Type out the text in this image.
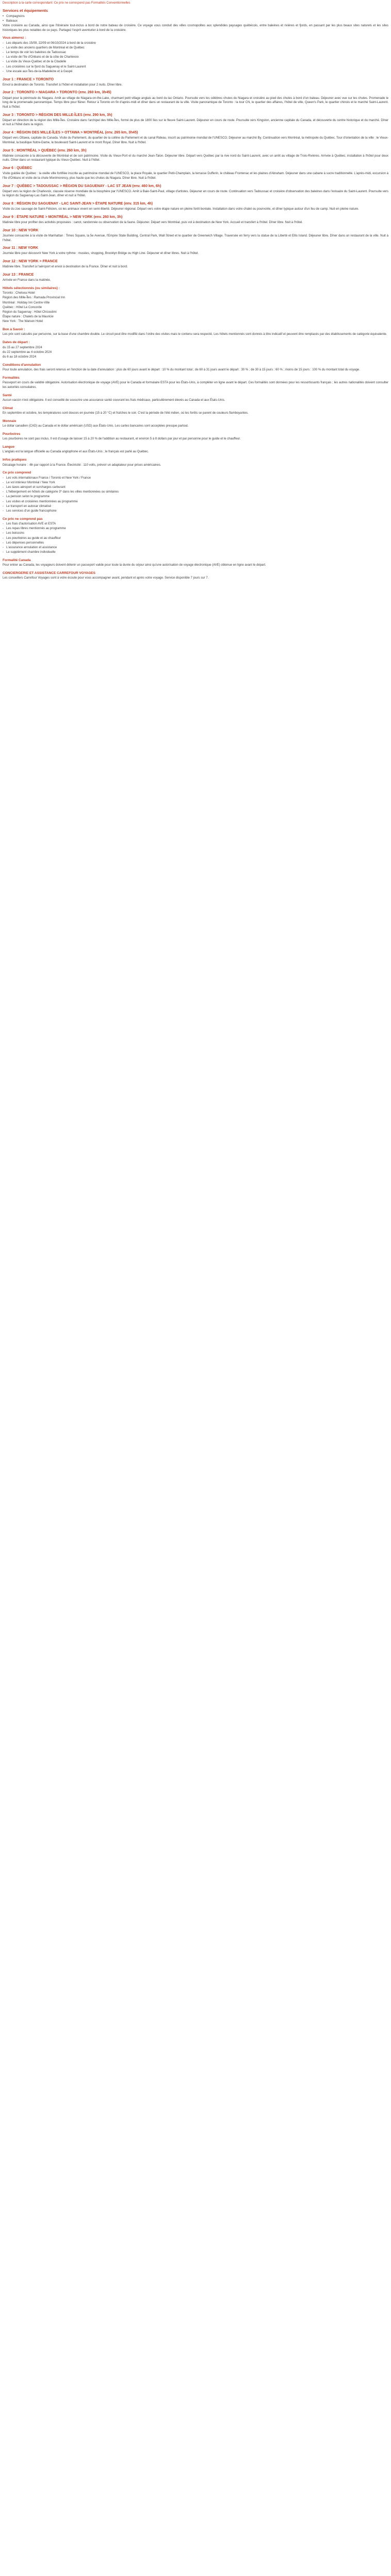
Description à la carte correspondant: Ce prix ne correspond pas Formalités Conventionnelles

Services et équipements
• Compagnons
• Bateaux

Votre croisière au Canada, ainsi que l'itinéraire tout-inclus à bord de notre bateau de croisière. Ce voyage vous conduit des villes cosmopolites aux splendides paysages québécois, entre baleines et rivières et fjords, en passant par les plus beaux sites naturels et les sites historiques les plus notables de ce pays. Partagez l'esprit aventurier à bord de la croisière.

Vous aimerez :
- Les départs des 15/09, 22/09 et 06/10/2024 à bord de la croisière
- La visite des anciens quartiers de Montréal et de Québec
- Le temps de voir les baleines de Tadoussac
- La visite de l'île d'Orléans et de la côte de Charlevoix
- La visite du Vieux-Québec et de la Citadelle
- Les croisières sur le fjord du Saguenay et le Saint-Laurent
- Une escale aux Îles-de-la-Madeleine et à Gaspé
Jour 1 : FRANCE > TORONTO

Envol à destination de Toronto. Transfert à l'hôtel et installation pour 2 nuits. Dîner libre.

Jour 2 : TORONTO > NIAGARA > TORONTO (env. 260 km, 3h45)

Départ pour la péninsule du Niagara. Arrêt au village de Niagara-on-the-Lake, charmant petit village anglais au bord du lac Ontario. Poursuite vers les célèbres chutes du Niagara et croisière au pied des chutes à bord d'un bateau. Déjeuner avec vue sur les chutes. Promenade le long de la promenade panoramique. Temps libre pour flâner. Retour à Toronto en fin d'après-midi et dîner dans un restaurant de la ville. Visite panoramique de Toronto : la tour CN, le quartier des affaires, l'hôtel de ville, Queen's Park, le quartier chinois et le marché Saint-Laurent. Nuit à l'hôtel.

Jour 3 : TORONTO > RÉGION DES MILLE-ÎLES (env. 290 km, 3h)

Départ en direction de la région des Mille-Îles. Croisière dans l'archipel des Mille-Îles, formé de plus de 1800 îles sur le fleuve Saint-Laurent. Déjeuner en cours de route. Poursuite vers Kingston, ancienne capitale du Canada, et découverte du centre historique et du marché. Dîner et nuit à l'hôtel dans la région.

Jour 4 : RÉGION DES MILLE-ÎLES > OTTAWA > MONTRÉAL (env. 265 km, 3h45)

Départ vers Ottawa, capitale du Canada. Visite du Parlement, du quartier de la colline du Parlement et du canal Rideau, inscrit au patrimoine mondial de l'UNESCO. Déjeuner au marché By. Continuation vers Montréal, la métropole du Québec. Tour d'orientation de la ville : le Vieux-Montréal, la basilique Notre-Dame, le boulevard Saint-Laurent et le mont Royal. Dîner libre. Nuit à l'hôtel.

Jour 5 : MONTRÉAL > QUÉBEC (env. 260 km, 3h)

Matinée consacrée à la découverte de Montréal et de son patrimoine. Visite du Vieux-Port et du marché Jean-Talon. Déjeuner libre. Départ vers Québec par la rive nord du Saint-Laurent, avec un arrêt au village de Trois-Rivières. Arrivée à Québec, installation à l'hôtel pour deux nuits. Dîner dans un restaurant typique du Vieux-Québec. Nuit à l'hôtel.

Jour 6 : QUÉBEC

Visite guidée de Québec : la vieille ville fortifiée inscrite au patrimoine mondial de l'UNESCO, la place Royale, le quartier Petit-Champlain, la terrasse Dufferin, le château Frontenac et les plaines d'Abraham. Déjeuner dans une cabane à sucre traditionnelle. L'après-midi, excursion à l'île d'Orléans et visite de la chute Montmorency, plus haute que les chutes du Niagara. Dîner libre. Nuit à l'hôtel.

Jour 7 : QUÉBEC > TADOUSSAC > RÉGION DU SAGUENAY - LAC ST JEAN (env. 460 km, 6h)

Départ vers la région de Charlevoix, classée réserve mondiale de la biosphère par l'UNESCO. Arrêt à Baie-Saint-Paul, village d'artistes. Déjeuner en cours de route. Continuation vers Tadoussac et croisière d'observation des baleines dans l'estuaire du Saint-Laurent. Poursuite vers la région du Saguenay-Lac-Saint-Jean, dîner et nuit à l'hôtel.

Jour 8 : RÉGION DU SAGUENAY - LAC SAINT-JEAN > ÉTAPE NATURE (env. 315 km, 4h)

Visite du zoo sauvage de Saint-Félicien, où les animaux vivent en semi-liberté. Déjeuner régional. Départ vers votre étape nature en pleine forêt boréale. Installation dans votre chalet ou pourvoirie, et dîner typique autour d'un feu de camp. Nuit en pleine nature.

Jour 9 : ÉTAPE NATURE > MONTRÉAL > NEW YORK (env. 260 km, 3h)

Matinée libre pour profiter des activités proposées : canot, randonnée ou observation de la faune. Déjeuner. Départ vers Montréal, puis vol à destination de New York. Accueil et transfert à l'hôtel. Dîner libre. Nuit à l'hôtel.

Jour 10 : NEW YORK

Journée consacrée à la visite de Manhattan : Times Square, la 5e Avenue, l'Empire State Building, Central Park, Wall Street et le quartier de Greenwich Village. Traversée en ferry vers la statue de la Liberté et Ellis Island. Déjeuner libre. Dîner dans un restaurant de la ville. Nuit à l'hôtel.

Jour 11 : NEW YORK

Journée libre pour découvrir New York à votre rythme : musées, shopping, Brooklyn Bridge ou High Line. Déjeuner et dîner libres. Nuit à l'hôtel.

Jour 12 : NEW YORK > FRANCE

Matinée libre. Transfert à l'aéroport et envol à destination de la France. Dîner et nuit à bord.

Jour 13 : FRANCE

Arrivée en France dans la matinée.

Hôtels sélectionnés (ou similaires) :
Toronto : Chelsea Hotel
Région des Mille-Îles : Ramada Provincial Inn
Montréal : Holiday Inn Centre-Ville
Québec : Hôtel Le Concorde
Région du Saguenay : Hôtel Chicoutimi
Étape nature : Chalets de la Mauricie
New York : The Watson Hotel
Bon à Savoir :

Les prix sont calculés par personne, sur la base d'une chambre double. Le circuit peut être modifié dans l'ordre des visites mais le contenu sera respecté. Les hôtels mentionnés sont donnés à titre indicatif et peuvent être remplacés par des établissements de catégorie équivalente.

Dates de départ :
du 15 au 27 septembre 2024
du 22 septembre au 4 octobre 2024
du 6 au 18 octobre 2024
Conditions d'annulation

Pour toute annulation, des frais seront retenus en fonction de la date d'annulation : plus de 60 jours avant le départ : 10 % du montant total ; de 60 à 31 jours avant le départ : 30 % ; de 30 à 15 jours : 60 % ; moins de 15 jours : 100 % du montant total du voyage.

Formalités

Passeport en cours de validité obligatoire. Autorisation électronique de voyage (AVE) pour le Canada et formulaire ESTA pour les États-Unis, à compléter en ligne avant le départ. Ces formalités sont données pour les ressortissants français ; les autres nationalités doivent consulter les autorités consulaires.

Santé

Aucun vaccin n'est obligatoire. Il est conseillé de souscrire une assurance santé couvrant les frais médicaux, particulièrement élevés au Canada et aux États-Unis.

Climat

En septembre et octobre, les températures sont douces en journée (15 à 20 °C) et fraîches le soir. C'est la période de l'été indien, où les forêts se parent de couleurs flamboyantes.

Monnaie

Le dollar canadien (CAD) au Canada et le dollar américain (USD) aux États-Unis. Les cartes bancaires sont acceptées presque partout.

Pourboires

Les pourboires ne sont pas inclus. Il est d'usage de laisser 15 à 20 % de l'addition au restaurant, et environ 5 à 8 dollars par jour et par personne pour le guide et le chauffeur.

Langue

L'anglais est la langue officielle au Canada anglophone et aux États-Unis ; le français est parlé au Québec.

Infos pratiques

Décalage horaire : -6h par rapport à la France. Électricité : 110 volts, prévoir un adaptateur pour prises américaines.

Ce prix comprend
- Les vols internationaux France / Toronto et New York / France
- Le vol intérieur Montréal / New York
- Les taxes aéroport et surcharges carburant
- L'hébergement en hôtels de catégorie 3* dans les villes mentionnées ou similaires
- La pension selon le programme
- Les visites et croisières mentionnées au programme
- Le transport en autocar climatisé
- Les services d'un guide francophone
Ce prix ne comprend pas
- Les frais d'autorisation AVE et ESTA
- Les repas libres mentionnés au programme
- Les boissons
- Les pourboires au guide et au chauffeur
- Les dépenses personnelles
- L'assurance annulation et assistance
- Le supplément chambre individuelle
Formalité Canada

Pour entrer au Canada, les voyageurs doivent détenir un passeport valide pour toute la durée du séjour ainsi qu'une autorisation de voyage électronique (AVE) obtenue en ligne avant le départ.

CONCIERGERIE ET ASSISTANCE CARREFOUR VOYAGES

Les conseillers Carrefour Voyages sont à votre écoute pour vous accompagner avant, pendant et après votre voyage. Service disponible 7 jours sur 7.
